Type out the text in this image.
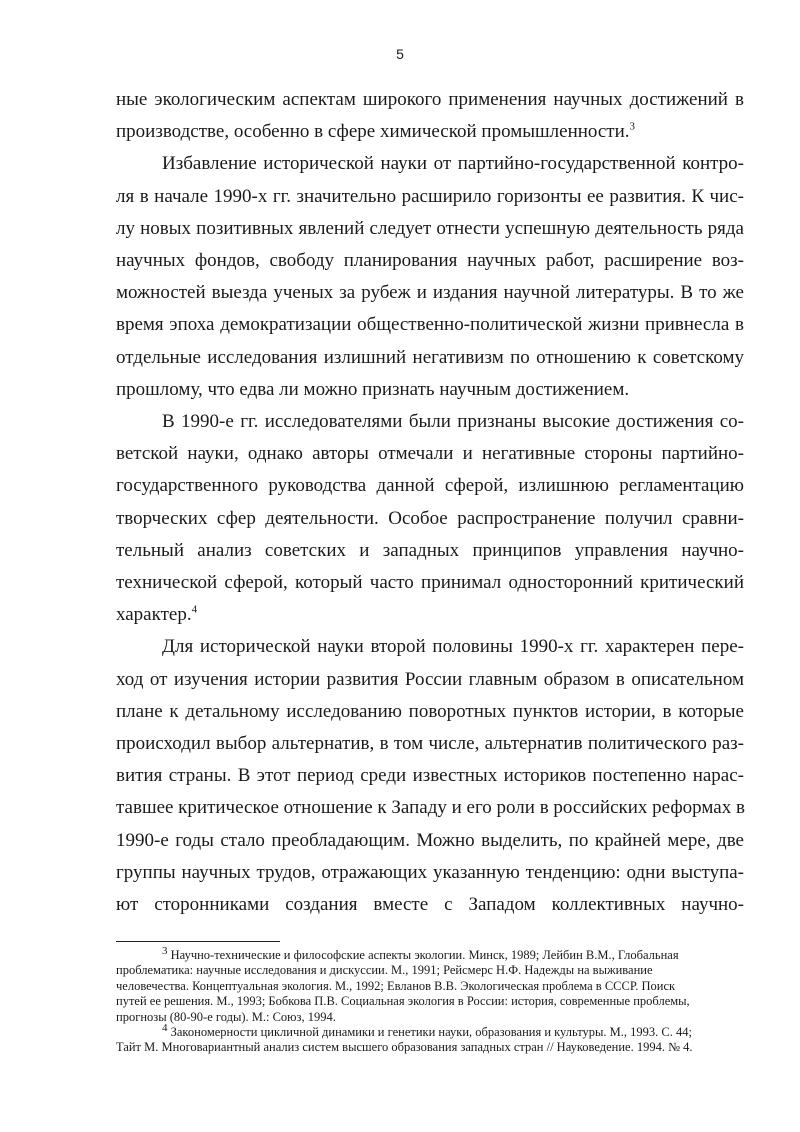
5

ные экологическим аспектам широкого применения научных достижений в
производстве, особенно в сфере химической промышленности.$^3$

Избавление исторической науки от партийно-государственной контро-
ля в начале 1990-х гг. значительно расширило горизонты ее развития. К чис-
лу новых позитивных явлений следует отнести успешную деятельность ряда
научных фондов, свободу планирования научных работ, расширение воз-
можностей выезда ученых за рубеж и издания научной литературы. В то же
время эпоха демократизации общественно-политической жизни привнесла в
отдельные исследования излишний негативизм по отношению к советскому
прошлому, что едва ли можно признать научным достижением.

В 1990-е гг. исследователями были признаны высокие достижения со-
ветской науки, однако авторы отмечали и негативные стороны партийно-
государственного руководства данной сферой, излишнюю регламентацию
творческих сфер деятельности. Особое распространение получил сравни-
тельный анализ советских и западных принципов управления научно-
технической сферой, который часто принимал односторонний критический
характер.$^4$

Для исторической науки второй половины 1990-х гг. характерен пере-
ход от изучения истории развития России главным образом в описательном
плане к детальному исследованию поворотных пунктов истории, в которые
происходил выбор альтернатив, в том числе, альтернатив политического раз-
вития страны. В этот период среди известных историков постепенно нарас-
тавшее критическое отношение к Западу и его роли в российских реформах в
1990-е годы стало преобладающим. Можно выделить, по крайней мере, две
группы научных трудов, отражающих указанную тенденцию: одни выступа-
ют сторонниками создания вместе с Западом коллективных научно-

$^3$ Научно-технические и философские аспекты экологии. Минск, 1989; Лейбин В.М., Глобальная
проблематика: научные исследования и дискуссии. М., 1991; Рейсмерс Н.Ф. Надежды на выживание
человечества. Концептуальная экология. М., 1992; Евланов В.В. Экологическая проблема в СССР. Поиск
путей ее решения. М., 1993; Бобкова П.В. Социальная экология в России: история, современные проблемы,
прогнозы (80-90-е годы). М.: Союз, 1994.
$^4$ Закономерности цикличной динамики и генетики науки, образования и культуры. М., 1993. С. 44;
Тайт М. Многовариантный анализ систем высшего образования западных стран // Науковедение. 1994. № 4.
